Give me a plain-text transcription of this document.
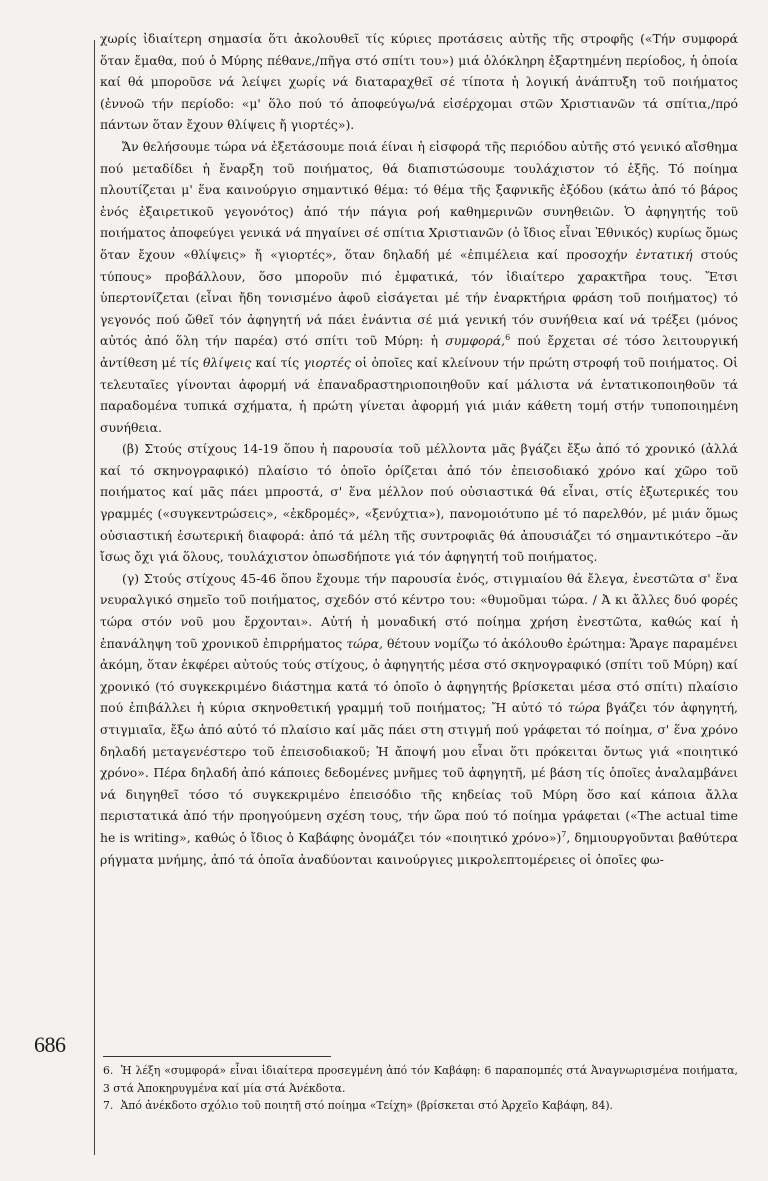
686

χωρίς ἰδιαίτερη σημασία ὅτι ἀκολουθεῖ τίς κύριες προτάσεις αὐτῆς τῆς στροφῆς («Τήν συμφορά ὅταν ἔμαθα, πού ὁ Μύρης πέθανε,/πῆγα στό σπίτι του») μιά ὁλόκληρη ἐξαρτημένη περίοδος, ἡ ὁποία καί θά μποροῦσε νά λείψει χωρίς νά διαταραχθεῖ σέ τίποτα ἡ λογική ἀνάπτυξη τοῦ ποιήματος (ἐννοῶ τήν περίοδο: «μ' ὅλο πού τό ἀποφεύγω/νά εἰσέρχομαι στῶν Χριστιανῶν τά σπίτια,/πρό πάντων ὅταν ἔχουν θλίψεις ἤ γιορτές»).

Ἄν θελήσουμε τώρα νά ἐξετάσουμε ποιά έίναι ἡ εἰσφορά τῆς περιόδου αὐτῆς στό γενικό αἴσθημα πού μεταδίδει ἡ ἔναρξη τοῦ ποιήματος, θά διαπιστώσουμε τουλάχιστον τό ἑξῆς. Τό ποίημα πλουτίζεται μ' ἕνα καινούργιο σημαντικό θέμα: τό θέμα τῆς ξαφνικῆς ἐξόδου (κάτω ἀπό τό βάρος ἑνός ἐξαιρετικοῦ γεγονότος) ἀπό τήν πάγια ροή καθημερινῶν συνηθειῶν. Ὁ ἀφηγητής τοῦ ποιήματος ἀποφεύγει γενικά νά πηγαίνει σέ σπίτια Χριστιανῶν (ὁ ἴδιος εἶναι Ἐθνικός) κυρίως ὅμως ὅταν ἔχουν «θλίψεις» ἤ «γιορτές», ὅταν δηλαδή μέ «ἐπιμέλεια καί προσοχήν ἐντατική στούς τύπους» προβάλλουν, ὅσο μποροῦν πιό ἐμφατικά, τόν ἰδιαίτερο χαρακτῆρα τους. Ἔτσι ὑπερτονίζεται (εἶναι ἤδη τονισμένο ἀφοῦ εἰσάγεται μέ τήν ἐναρκτήρια φράση τοῦ ποιήματος) τό γεγονός πού ὤθεῖ τόν ἀφηγητή νά πάει ἐνάντια σέ μιά γενική τόν συνήθεια καί νά τρέξει (μόνος αὐτός ἀπό ὅλη τήν παρέα) στό σπίτι τοῦ Μύρη: ἡ συμφορά,$^6$ πού ἔρχεται σέ τόσο λειτουργική ἀντίθεση μέ τίς θλίψεις καί τίς γιορτές οἱ ὁποῖες καί κλείνουν τήν πρώτη στροφή τοῦ ποιήματος. Οἱ τελευταῖες γίνονται ἀφορμή νά ἐπαναδραστηριοποιηθοῦν καί μάλιστα νά ἐντατικοποιηθοῦν τά παραδομένα τυπικά σχήματα, ἡ πρώτη γίνεται ἀφορμή γιά μιάν κάθετη τομή στήν τυποποιημένη συνήθεια.

(β) Στούς στίχους 14-19 ὅπου ἡ παρουσία τοῦ μέλλοντα μᾶς βγάζει ἔξω ἀπό τό χρονικό (ἀλλά καί τό σκηνογραφικό) πλαίσιο τό ὁποῖο ὁρίζεται ἀπό τόν ἐπεισοδιακό χρόνο καί χῶρο τοῦ ποιήματος καί μᾶς πάει μπροστά, σ' ἕνα μέλλον πού οὐσιαστικά θά εἶναι, στίς ἐξωτερικές του γραμμές («συγκεντρώσεις», «ἐκδρομές», «ξενύχτια»), πανομοιότυπο μέ τό παρελθόν, μέ μιάν ὅμως οὐσιαστική ἐσωτερική διαφορά: ἀπό τά μέλη τῆς συντροφιᾶς θά ἀπουσιάζει τό σημαντικότερο –ἄν ἴσως ὄχι γιά ὅλους, τουλάχιστον ὁπωσδήποτε γιά τόν ἀφηγητή τοῦ ποιήματος.

(γ) Στούς στίχους 45-46 ὅπου ἔχουμε τήν παρουσία ἑνός, στιγμιαίου θά ἔλεγα, ἐνεστῶτα σ' ἕνα νευραλγικό σημεῖο τοῦ ποιήματος, σχεδόν στό κέντρο του: «θυμοῦμαι τώρα. / Ἀ κι ἄλλες δυό φορές τώρα στόν νοῦ μου ἔρχονται». Αὐτή ἡ μοναδική στό ποίημα χρήση ἐνεστῶτα, καθώς καί ἡ ἐπανάληψη τοῦ χρονικοῦ ἐπιρρήματος τώρα, θέτουν νομίζω τό ἀκόλουθο ἐρώτημα: Ἄραγε παραμένει ἀκόμη, ὅταν ἐκφέρει αὐτούς τούς στίχους, ὁ ἀφηγητής μέσα στό σκηνογραφικό (σπίτι τοῦ Μύρη) καί χρονικό (τό συγκεκριμένο διάστημα κατά τό ὁποῖο ὁ ἀφηγητής βρίσκεται μέσα στό σπίτι) πλαίσιο πού ἐπιβάλλει ἡ κύρια σκηνοθετική γραμμή τοῦ ποιήματος; Ἤ αὐτό τό τώρα βγάζει τόν ἀφηγητή, στιγμιαῖα, ἔξω ἀπό αὐτό τό πλαίσιο καί μᾶς πάει στη στιγμή πού γράφεται τό ποίημα, σ' ἕνα χρόνο δηλαδή μεταγενέστερο τοῦ ἐπεισοδιακοῦ; Ἡ ἄποψή μου εἶναι ὅτι πρόκειται ὄντως γιά «ποιητικό χρόνο». Πέρα δηλαδή ἀπό κάποιες δεδομένες μνῆμες τοῦ ἀφηγητῆ, μέ βάση τίς ὁποῖες ἀναλαμβάνει νά διηγηθεῖ τόσο τό συγκεκριμένο ἐπεισόδιο τῆς κηδείας τοῦ Μύρη ὅσο καί κάποια ἄλλα περιστατικά ἀπό τήν προηγούμενη σχέση τους, τήν ὥρα πού τό ποίημα γράφεται («The actual time he is writing», καθώς ὁ ἴδιος ὁ Καβάφης ὀνομάζει τόν «ποιητικό χρόνο»)$^7$, δημιουργοῦνται βαθύτερα ρήγματα μνήμης, ἀπό τά ὁποῖα ἀναδύονται καινούργιες μικρολεπτομέρειες οἱ ὁποῖες φω-

6. Ἡ λέξη «συμφορά» εἶναι ἰδιαίτερα προσεγμένη ἀπό τόν Καβάφη: 6 παραπομπές στά Ἀναγνωρισμένα ποιήματα, 3 στά Ἀποκηρυγμένα καί μία στά Ἀνέκδοτα.

7. Ἀπό ἀνέκδοτο σχόλιο τοῦ ποιητῆ στό ποίημα «Τείχη» (βρίσκεται στό Ἀρχεῖο Καβάφη, 84).
